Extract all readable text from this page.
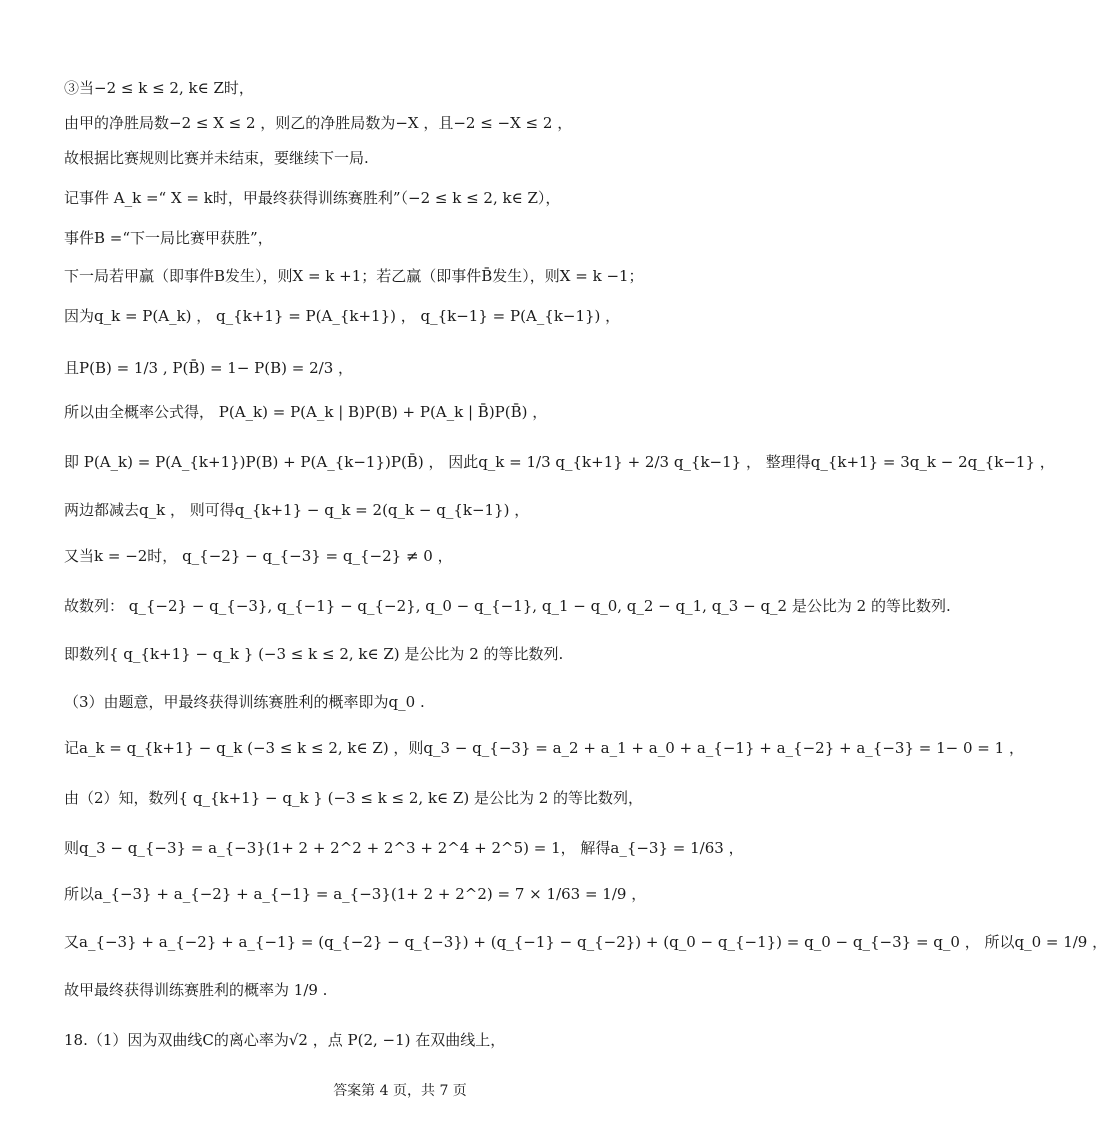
③当−2 ≤ k ≤ 2, k∈ Z时，
由甲的净胜局数−2 ≤ X ≤ 2 ，则乙的净胜局数为−X ，且−2 ≤ −X ≤ 2 ，
故根据比赛规则比赛并未结束，要继续下一局.
记事件 A_k =“ X = k时，甲最终获得训练赛胜利”（−2 ≤ k ≤ 2, k∈ Z），
事件B =“下一局比赛甲获胜”，
下一局若甲赢（即事件B发生），则X = k +1；若乙赢（即事件B̄发生），则X = k −1；
因为q_k = P(A_k) ， q_{k+1} = P(A_{k+1}) ， q_{k−1} = P(A_{k−1}) ，
且P(B) = 1/3 , P(B̄) = 1− P(B) = 2/3 ，
所以由全概率公式得， P(A_k) = P(A_k | B)P(B) + P(A_k | B̄)P(B̄) ，
即 P(A_k) = P(A_{k+1})P(B) + P(A_{k−1})P(B̄) ， 因此q_k = 1/3 q_{k+1} + 2/3 q_{k−1} ， 整理得q_{k+1} = 3q_k − 2q_{k−1} ，
两边都减去q_k ， 则可得q_{k+1} − q_k = 2(q_k − q_{k−1}) ，
又当k = −2时， q_{−2} − q_{−3} = q_{−2} ≠ 0 ，
故数列： q_{−2} − q_{−3}, q_{−1} − q_{−2}, q_0 − q_{−1}, q_1 − q_0, q_2 − q_1, q_3 − q_2 是公比为 2 的等比数列.
即数列{ q_{k+1} − q_k } (−3 ≤ k ≤ 2, k∈ Z) 是公比为 2 的等比数列.
（3）由题意，甲最终获得训练赛胜利的概率即为q_0 .
记a_k = q_{k+1} − q_k (−3 ≤ k ≤ 2, k∈ Z) ，则q_3 − q_{−3} = a_2 + a_1 + a_0 + a_{−1} + a_{−2} + a_{−3} = 1− 0 = 1 ，
由（2）知，数列{ q_{k+1} − q_k } (−3 ≤ k ≤ 2, k∈ Z) 是公比为 2 的等比数列，
则q_3 − q_{−3} = a_{−3}(1+ 2 + 2^2 + 2^3 + 2^4 + 2^5) = 1， 解得a_{−3} = 1/63 ，
所以a_{−3} + a_{−2} + a_{−1} = a_{−3}(1+ 2 + 2^2) = 7 × 1/63 = 1/9 ，
又a_{−3} + a_{−2} + a_{−1} = (q_{−2} − q_{−3}) + (q_{−1} − q_{−2}) + (q_0 − q_{−1}) = q_0 − q_{−3} = q_0 ， 所以q_0 = 1/9 ，
故甲最终获得训练赛胜利的概率为 1/9 .
18.（1）因为双曲线C的离心率为√2 ，点 P(2, −1) 在双曲线上，
答案第 4 页，共 7 页
